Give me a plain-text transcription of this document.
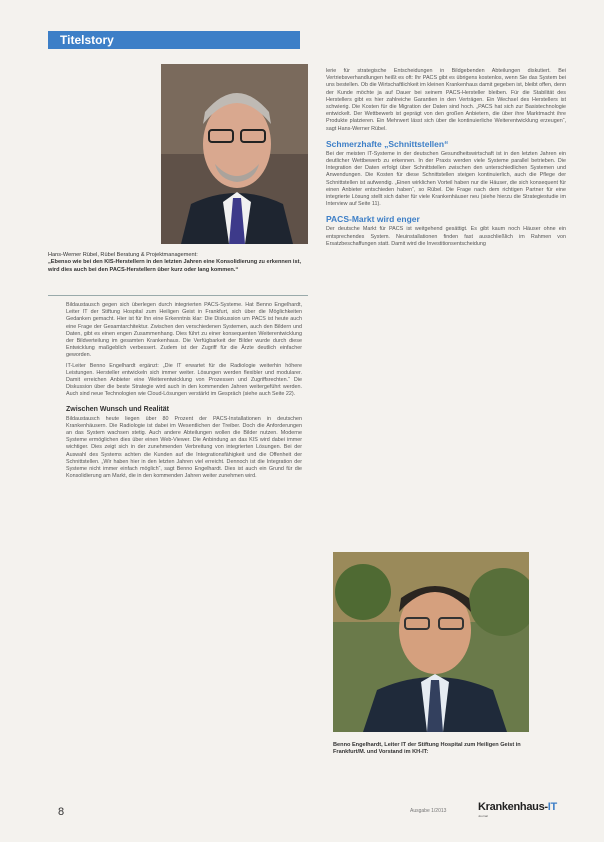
Titelstory
Hans-Werner Rübel, Rübel Beratung & Projektmanagement:
„Ebenso wie bei den KIS-Herstellern in den letzten Jahren eine Konsolidierung zu erkennen ist, wird dies auch bei den PACS-Herstellern über kurz oder lang kommen.“

lerie für strategische Entscheidungen in Bildgebenden Abteilungen diskutiert. Bei Vertriebsverhandlungen heißt es oft: Ihr PACS gibt es übrigens kostenlos, wenn Sie das System bei uns bestellen. Ob die Wirtschaftlichkeit im kleinen Krankenhaus damit gegeben ist, bleibt offen, denn der Kunde möchte ja auf Dauer bei seinem PACS-Hersteller bleiben. Für die Stabilität des Herstellers gibt es hier zahlreiche Garantien in den Verträgen. Ein Wechsel des Herstellers ist schwierig. Die Kosten für die Migration der Daten sind hoch. „PACS hat sich zur Basistechnologie entwickelt. Der Wettbewerb ist geprägt von den großen Anbietern, die über ihre Marktmacht ihre Produkte platzieren. Ein Mehrwert lässt sich über die kontinuierliche Weiterentwicklung erzeugen“, sagt Hans-Werner Rübel.

Schmerzhafte „Schnittstellen“

Bei der meisten IT-Systeme in der deutschen Gesundheitswirtschaft ist in den letzten Jahren ein deutlicher Wettbewerb zu erkennen. In der Praxis werden viele Systeme parallel betrieben. Die Integration der Daten erfolgt über Schnittstellen zwischen den unterschiedlichen Systemen und Anwendungen. Die Kosten für diese Schnittstellen steigen kontinuierlich, auch die Pflege der Schnittstellen ist aufwendig. „Einen wirklichen Vorteil haben nur die Häuser, die sich konsequent für einen Anbieter entschieden haben“, so Rübel. Die Frage nach dem richtigen Partner für eine integrierte Lösung stellt sich daher für viele Krankenhäuser neu (siehe hierzu die Strategiestudie im Interview auf Seite 11).

PACS-Markt wird enger

Der deutsche Markt für PACS ist weitgehend gesättigt. Es gibt kaum noch Häuser ohne ein entsprechendes System. Neuinstallationen finden fast ausschließlich im Rahmen von Ersatzbeschaffungen statt. Damit wird die Investitionsentscheidung

Benno Engelhardt, Leiter IT der Stiftung Hospital zum Heiligen Geist in Frankfurt/M. und Vorstand im KH-IT:

Bildaustausch gegen sich überlegen durch integrierten PACS-Systeme. Hat Benno Engelhardt, Leiter IT der Stiftung Hospital zum Heiligen Geist in Frankfurt, sich über die Möglichkeiten Gedanken gemacht. Hier ist für Ihn eine Erkenntnis klar: Die Diskussion um PACS ist heute auch eine Frage der Gesamtarchitektur. Zwischen den verschiedenen Systemen, auch den Bildern und Daten, gibt es einen engen Zusammenhang. Dies führt zu einer konsequenten Weiterentwicklung der Bildverteilung im gesamten Krankenhaus. Die Verfügbarkeit der Bilder wurde durch diese Entwicklung maßgeblich verbessert. Zudem ist der Zugriff für die Ärzte deutlich einfacher geworden.

IT-Leiter Benno Engelhardt ergänzt: „Die IT erwartet für die Radiologie weiterhin höhere Leistungen. Hersteller entwickeln sich immer weiter. Lösungen werden flexibler und modularer. Damit erreichen Anbieter eine Weiterentwicklung von Prozessen und Zugriffsrechten.“ Die Diskussion über die beste Strategie wird auch in den kommenden Jahren weitergeführt werden. Auch sind neue Technologien wie Cloud-Lösungen verstärkt im Gespräch (siehe auch Seite 22).

Zwischen Wunsch und Realität

Bildaustausch heute liegen über 80 Prozent der PACS-Installationen in deutschen Krankenhäusern. Die Radiologie ist dabei im Wesentlichen der Treiber. Doch die Anforderungen an das System wachsen stetig. Auch andere Abteilungen wollen die Bilder nutzen. Moderne Systeme ermöglichen dies über einen Web-Viewer. Die Anbindung an das KIS wird dabei immer wichtiger. Dies zeigt sich in der zunehmenden Verbreitung von integrierten Lösungen. Bei der Auswahl des Systems achten die Kunden auf die Integrationsfähigkeit und die Offenheit der Schnittstellen. „Wir haben hier in den letzten Jahren viel erreicht. Dennoch ist die Integration der Systeme nicht immer einfach möglich“, sagt Benno Engelhardt. Dies ist auch ein Grund für die Konsolidierung am Markt, die in den kommenden Jahren weiter zunehmen wird.

8	Ausgabe 1/2013	Krankenhaus-IT
Journal
